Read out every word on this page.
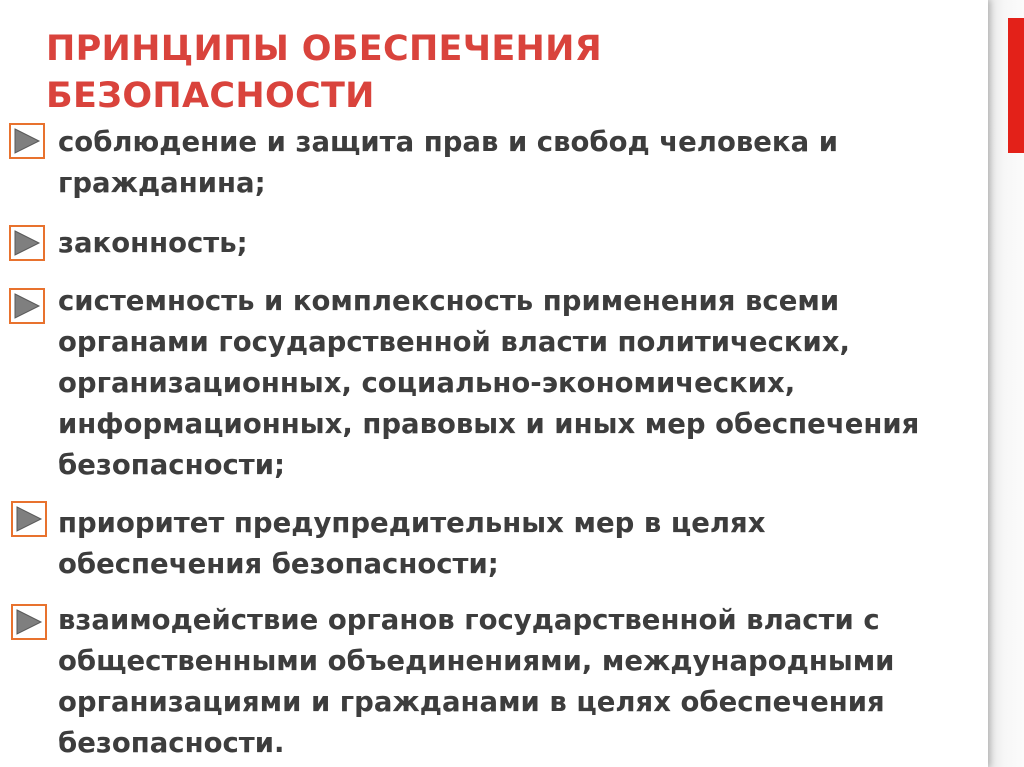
ПРИНЦИПЫ ОБЕСПЕЧЕНИЯ
БЕЗОПАСНОСТИ
соблюдение и защита прав и свобод человека и
гражданина;
законность;
системность и комплексность применения всеми
органами государственной власти политических,
организационных, социально-экономических,
информационных, правовых и иных мер обеспечения
безопасности;
приоритет предупредительных мер в целях
обеспечения безопасности;
взаимодействие органов государственной власти с
общественными объединениями, международными
организациями и гражданами в целях обеспечения
безопасности.
